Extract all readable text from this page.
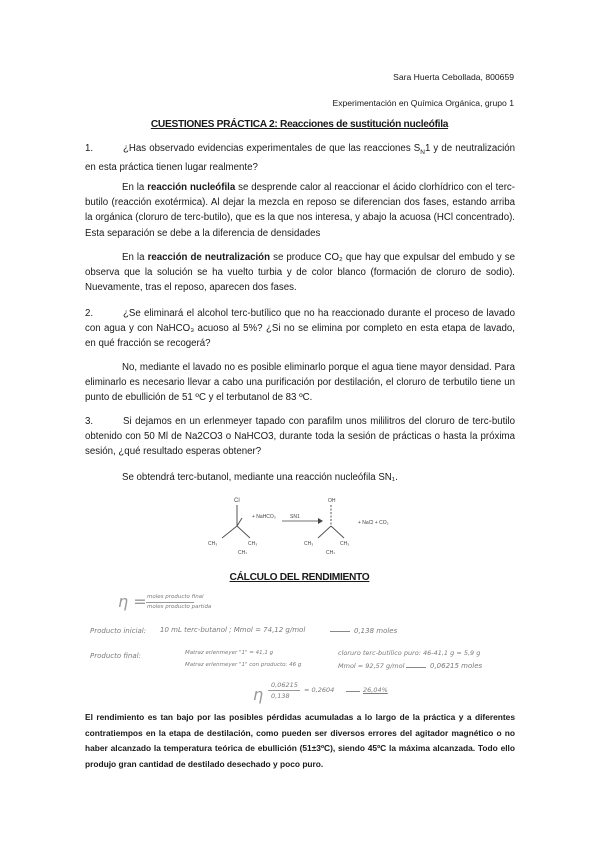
Sara Huerta Cebollada, 800659
Experimentación en Química Orgánica, grupo 1
CUESTIONES PRÁCTICA 2: Reacciones de sustitución nucleófila

1.	¿Has observado evidencias experimentales de que las reacciones $S_N1$ y de neutralización en esta práctica tienen lugar realmente?

En la reacción nucleófila se desprende calor al reaccionar el ácido clorhídrico con el terc-butilo (reacción exotérmica). Al dejar la mezcla en reposo se diferencian dos fases, estando arriba la orgánica (cloruro de terc-butilo), que es la que nos interesa, y abajo la acuosa (HCl concentrado). Esta separación se debe a la diferencia de densidades

En la reacción de neutralización se produce CO₂ que hay que expulsar del embudo y se observa que la solución se ha vuelto turbia y de color blanco (formación de cloruro de sodio). Nuevamente, tras el reposo, aparecen dos fases.

2.	¿Se eliminará el alcohol terc-butílico que no ha reaccionado durante el proceso de lavado con agua y con NaHCO₃ acuoso al 5%? ¿Si no se elimina por completo en esta etapa de lavado, en qué fracción se recogerá?

No, mediante el lavado no es posible eliminarlo porque el agua tiene mayor densidad. Para eliminarlo es necesario llevar a cabo una purificación por destilación, el cloruro de terbutilo tiene un punto de ebullición de 51 ºC y el terbutanol de 83 ºC.

3.	Si dejamos en un erlenmeyer tapado con parafilm unos mililitros del cloruro de terc-butilo obtenido con 50 Ml de Na2CO3 o NaHCO3, durante toda la sesión de prácticas o hasta la próxima sesión, ¿qué resultado esperas obtener?

Se obtendrá terc-butanol, mediante una reacción nucleófila SN₁.

Cl
CH₃	CH₃
CH₃
+ NaHCO₃	SN1
OH
CH₃	CH₃
CH₃
+ NaCl + CO₂
CÁLCULO DEL RENDIMIENTO
η = moles producto final
moles producto partida
Producto inicial: 10 mL terc-butanol ; Mmol = 74,12 g/mol	0,138 moles
Producto final:	Matraz erlenmeyer "1" = 41,1 g
Matraz erlenmeyer "1" con producto: 46 g
cloruro terc-butilico puro: 46-41,1 g = 5,9 g
Mmol = 92,57 g/mol	0,06215 moles
η 0,06215
0,138
= 0,2604	26,04%

El rendimiento es tan bajo por las posibles pérdidas acumuladas a lo largo de la práctica y a diferentes contratiempos en la etapa de destilación, como pueden ser diversos errores del agitador magnético o no haber alcanzado la temperatura teórica de ebullición (51±3ºC), siendo 45ºC la máxima alcanzada. Todo ello produjo gran cantidad de destilado desechado y poco puro.
